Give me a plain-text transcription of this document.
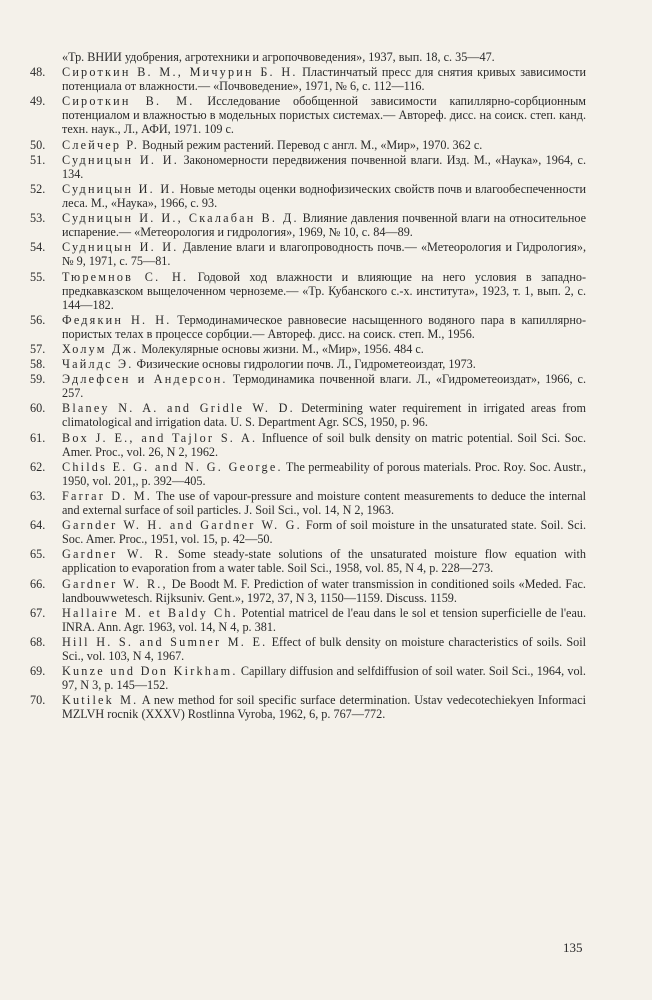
«Тр. ВНИИ удобрения, агротехники и агропочвоведения», 1937, вып. 18, с. 35—47.
48.	Сироткин В. М., Мичурин Б. Н. Пластинчатый пресс для снятия кривых зависимости потенциала от влажности.— «Почвоведение», 1971, № 6, с. 112—116.
49.	Сироткин В. М. Исследование обобщенной зависимости капиллярно-сорбционным потенциалом и влажностью в модельных пористых системах.— Автореф. дисс. на соиск. степ. канд. техн. наук., Л., АФИ, 1971. 109 с.
50.	Слейчер Р. Водный режим растений. Перевод с англ. М., «Мир», 1970. 362 с.
51.	Судницын И. И. Закономерности передвижения почвенной влаги. Изд. М., «Наука», 1964, с. 134.
52.	Судницын И. И. Новые методы оценки воднофизических свойств почв и влагообеспеченности леса. М., «Наука», 1966, с. 93.
53.	Судницын И. И., Скалабан В. Д. Влияние давления почвенной влаги на относительное испарение.— «Метеорология и гидрология», 1969, № 10, с. 84—89.
54.	Судницын И. И. Давление влаги и влагопроводность почв.— «Метеорология и Гидрология», № 9, 1971, с. 75—81.
55.	Тюремнов С. Н. Годовой ход влажности и влияющие на него условия в западно-предкавказском выщелоченном черноземе.— «Тр. Кубанского с.-х. института», 1923, т. 1, вып. 2, с. 144—182.
56.	Федякин Н. Н. Термодинамическое равновесие насыщенного водяного пара в капиллярно-пористых телах в процессе сорбции.— Автореф. дисс. на соиск. степ. М., 1956.
57.	Холум Дж. Молекулярные основы жизни. М., «Мир», 1956. 484 с.
58.	Чайлдс Э. Физические основы гидрологии почв. Л., Гидрометеоиздат, 1973.
59.	Эдлефсен и Андерсон. Термодинамика почвенной влаги. Л., «Гидрометеоиздат», 1966, с. 257.
60.	Blaney N. A. and Gridle W. D. Determining water requirement in irrigated areas from climatological and irrigation data. U. S. Department Agr. SCS, 1950, p. 96.
61.	Box J. E., and Tajlor S. A. Influence of soil bulk density on matric potential. Soil Sci. Soc. Amer. Proc., vol. 26, N 2, 1962.
62.	Childs E. G. and N. G. George. The permeability of porous materials. Proc. Roy. Soc. Austr., 1950, vol. 201,, p. 392—405.
63.	Farrar D. M. The use of vapour-pressure and moisture content measurements to deduce the internal and external surface of soil particles. J. Soil Sci., vol. 14, N 2, 1963.
64.	Garnder W. H. and Gardner W. G. Form of soil moisture in the unsaturated state. Soil. Sci. Soc. Amer. Proc., 1951, vol. 15, p. 42—50.
65.	Gardner W. R. Some steady-state solutions of the unsaturated moisture flow equation with application to evaporation from a water table. Soil Sci., 1958, vol. 85, N 4, p. 228—273.
66.	Gardner W. R., De Boodt M. F. Prediction of water transmission in conditioned soils «Meded. Fac. landbouwwetesch. Rijksuniv. Gent.», 1972, 37, N 3, 1150—1159. Discuss. 1159.
67.	Hallaire M. et Baldy Ch. Potential matricel de l'eau dans le sol et tension superficielle de l'eau. INRA. Ann. Agr. 1963, vol. 14, N 4, p. 381.
68.	Hill H. S. and Sumner M. E. Effect of bulk density on moisture characteristics of soils. Soil Sci., vol. 103, N 4, 1967.
69.	Kunze und Don Kirkham. Capillary diffusion and selfdiffusion of soil water. Soil Sci., 1964, vol. 97, N 3, p. 145—152.
70.	Kutilek M. A new method for soil specific surface determination. Ustav vedecotechiekyen Informaci MZLVH rocnik (XXXV) Rostlinna Vyroba, 1962, 6, p. 767—772.
135
